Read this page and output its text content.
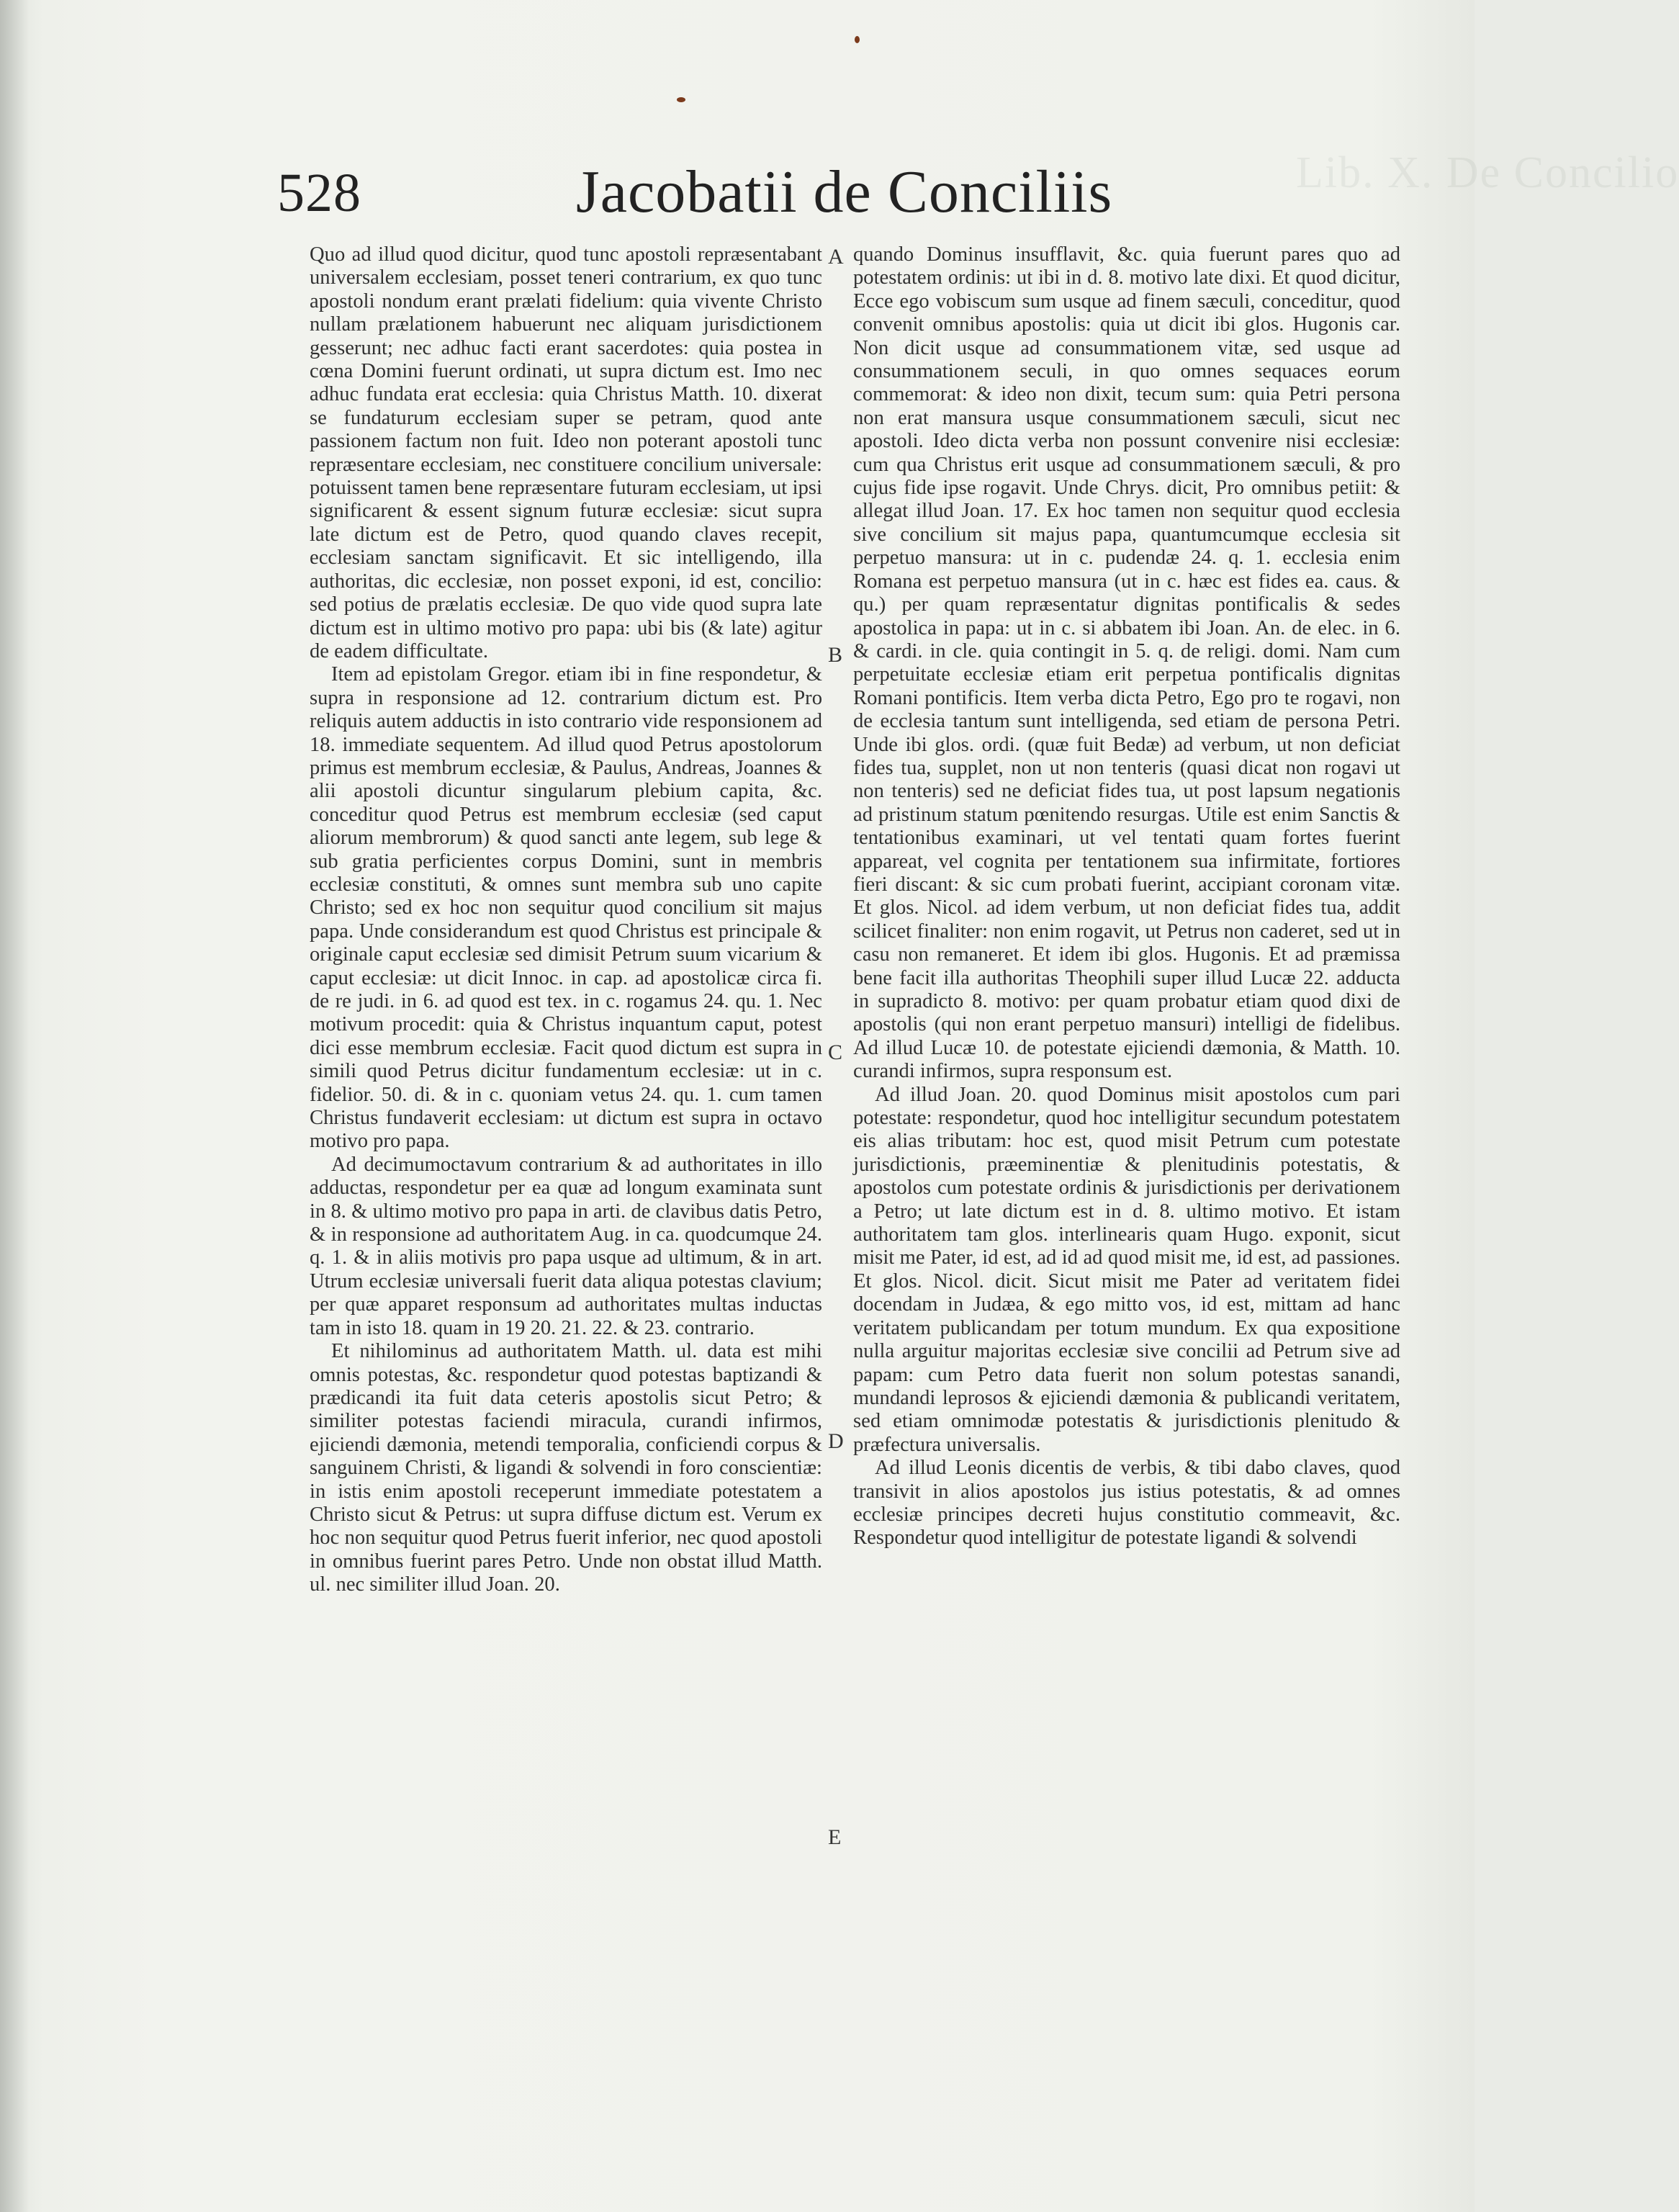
Lib. X. De Concilio
528	Jacobatii de Conciliis
A
B
C
D
E

Quo ad illud quod dicitur, quod tunc apostoli repræsentabant universalem ecclesiam, posset teneri contrarium, ex quo tunc apostoli nondum erant prælati fidelium: quia vivente Christo nullam prælationem habuerunt nec aliquam jurisdictionem gesserunt; nec adhuc facti erant sacerdotes: quia postea in cœna Domini fuerunt ordinati, ut supra dictum est. Imo nec adhuc fundata erat ecclesia: quia Christus Matth. 10. dixerat se fundaturum ecclesiam super se petram, quod ante passionem factum non fuit. Ideo non poterant apostoli tunc repræsentare ecclesiam, nec constituere concilium universale: potuissent tamen bene repræsentare futuram ecclesiam, ut ipsi significarent & essent signum futuræ ecclesiæ: sicut supra late dictum est de Petro, quod quando claves recepit, ecclesiam sanctam significavit. Et sic intelligendo, illa authoritas, dic ecclesiæ, non posset exponi, id est, concilio: sed potius de prælatis ecclesiæ. De quo vide quod supra late dictum est in ultimo motivo pro papa: ubi bis (& late) agitur de eadem difficultate.

Item ad epistolam Gregor. etiam ibi in fine respondetur, & supra in responsione ad 12. contrarium dictum est. Pro reliquis autem adductis in isto contrario vide responsionem ad 18. immediate sequentem. Ad illud quod Petrus apostolorum primus est membrum ecclesiæ, & Paulus, Andreas, Joannes & alii apostoli dicuntur singularum plebium capita, &c. conceditur quod Petrus est membrum ecclesiæ (sed caput aliorum membrorum) & quod sancti ante legem, sub lege & sub gratia perficientes corpus Domini, sunt in membris ecclesiæ constituti, & omnes sunt membra sub uno capite Christo; sed ex hoc non sequitur quod concilium sit majus papa. Unde considerandum est quod Christus est principale & originale caput ecclesiæ sed dimisit Petrum suum vicarium & caput ecclesiæ: ut dicit Innoc. in cap. ad apostolicæ circa fi. de re judi. in 6. ad quod est tex. in c. rogamus 24. qu. 1. Nec motivum procedit: quia & Christus inquantum caput, potest dici esse membrum ecclesiæ. Facit quod dictum est supra in simili quod Petrus dicitur fundamentum ecclesiæ: ut in c. fidelior. 50. di. & in c. quoniam vetus 24. qu. 1. cum tamen Christus fundaverit ecclesiam: ut dictum est supra in octavo motivo pro papa.

Ad decimumoctavum contrarium & ad authoritates in illo adductas, respondetur per ea quæ ad longum examinata sunt in 8. & ultimo motivo pro papa in arti. de clavibus datis Petro, & in responsione ad authoritatem Aug. in ca. quodcumque 24. q. 1. & in aliis motivis pro papa usque ad ultimum, & in art. Utrum ecclesiæ universali fuerit data aliqua potestas clavium; per quæ apparet responsum ad authoritates multas inductas tam in isto 18. quam in 19 20. 21. 22. & 23. contrario.

Et nihilominus ad authoritatem Matth. ul. data est mihi omnis potestas, &c. respondetur quod potestas baptizandi & prædicandi ita fuit data ceteris apostolis sicut Petro; & similiter potestas faciendi miracula, curandi infirmos, ejiciendi dæmonia, metendi temporalia, conficiendi corpus & sanguinem Christi, & ligandi & solvendi in foro conscientiæ: in istis enim apostoli receperunt immediate potestatem a Christo sicut & Petrus: ut supra diffuse dictum est. Verum ex hoc non sequitur quod Petrus fuerit inferior, nec quod apostoli in omnibus fuerint pares Petro. Unde non obstat illud Matth. ul. nec similiter illud Joan. 20.

quando Dominus insufflavit, &c. quia fuerunt pares quo ad potestatem ordinis: ut ibi in d. 8. motivo late dixi. Et quod dicitur, Ecce ego vobiscum sum usque ad finem sæculi, conceditur, quod convenit omnibus apostolis: quia ut dicit ibi glos. Hugonis car. Non dicit usque ad consummationem vitæ, sed usque ad consummationem seculi, in quo omnes sequaces eorum commemorat: & ideo non dixit, tecum sum: quia Petri persona non erat mansura usque consummationem sæculi, sicut nec apostoli. Ideo dicta verba non possunt convenire nisi ecclesiæ: cum qua Christus erit usque ad consummationem sæculi, & pro cujus fide ipse rogavit. Unde Chrys. dicit, Pro omnibus petiit: & allegat illud Joan. 17. Ex hoc tamen non sequitur quod ecclesia sive concilium sit majus papa, quantumcumque ecclesia sit perpetuo mansura: ut in c. pudendæ 24. q. 1. ecclesia enim Romana est perpetuo mansura (ut in c. hæc est fides ea. caus. & qu.) per quam repræsentatur dignitas pontificalis & sedes apostolica in papa: ut in c. si abbatem ibi Joan. An. de elec. in 6. & cardi. in cle. quia contingit in 5. q. de religi. domi. Nam cum perpetuitate ecclesiæ etiam erit perpetua pontificalis dignitas Romani pontificis. Item verba dicta Petro, Ego pro te rogavi, non de ecclesia tantum sunt intelligenda, sed etiam de persona Petri. Unde ibi glos. ordi. (quæ fuit Bedæ) ad verbum, ut non deficiat fides tua, supplet, non ut non tenteris (quasi dicat non rogavi ut non tenteris) sed ne deficiat fides tua, ut post lapsum negationis ad pristinum statum pœnitendo resurgas. Utile est enim Sanctis & tentationibus examinari, ut vel tentati quam fortes fuerint appareat, vel cognita per tentationem sua infirmitate, fortiores fieri discant: & sic cum probati fuerint, accipiant coronam vitæ. Et glos. Nicol. ad idem verbum, ut non deficiat fides tua, addit scilicet finaliter: non enim rogavit, ut Petrus non caderet, sed ut in casu non remaneret. Et idem ibi glos. Hugonis. Et ad præmissa bene facit illa authoritas Theophili super illud Lucæ 22. adducta in supradicto 8. motivo: per quam probatur etiam quod dixi de apostolis (qui non erant perpetuo mansuri) intelligi de fidelibus. Ad illud Lucæ 10. de potestate ejiciendi dæmonia, & Matth. 10. curandi infirmos, supra responsum est.

Ad illud Joan. 20. quod Dominus misit apostolos cum pari potestate: respondetur, quod hoc intelligitur secundum potestatem eis alias tributam: hoc est, quod misit Petrum cum potestate jurisdictionis, præeminentiæ & plenitudinis potestatis, & apostolos cum potestate ordinis & jurisdictionis per derivationem a Petro; ut late dictum est in d. 8. ultimo motivo. Et istam authoritatem tam glos. interlinearis quam Hugo. exponit, sicut misit me Pater, id est, ad id ad quod misit me, id est, ad passiones. Et glos. Nicol. dicit. Sicut misit me Pater ad veritatem fidei docendam in Judæa, & ego mitto vos, id est, mittam ad hanc veritatem publicandam per totum mundum. Ex qua expositione nulla arguitur majoritas ecclesiæ sive concilii ad Petrum sive ad papam: cum Petro data fuerit non solum potestas sanandi, mundandi leprosos & ejiciendi dæmonia & publicandi veritatem, sed etiam omnimodæ potestatis & jurisdictionis plenitudo & præfectura universalis.

Ad illud Leonis dicentis de verbis, & tibi dabo claves, quod transivit in alios apostolos jus istius potestatis, & ad omnes ecclesiæ principes decreti hujus constitutio commeavit, &c. Respondetur quod intelligitur de potestate ligandi & solvendi
